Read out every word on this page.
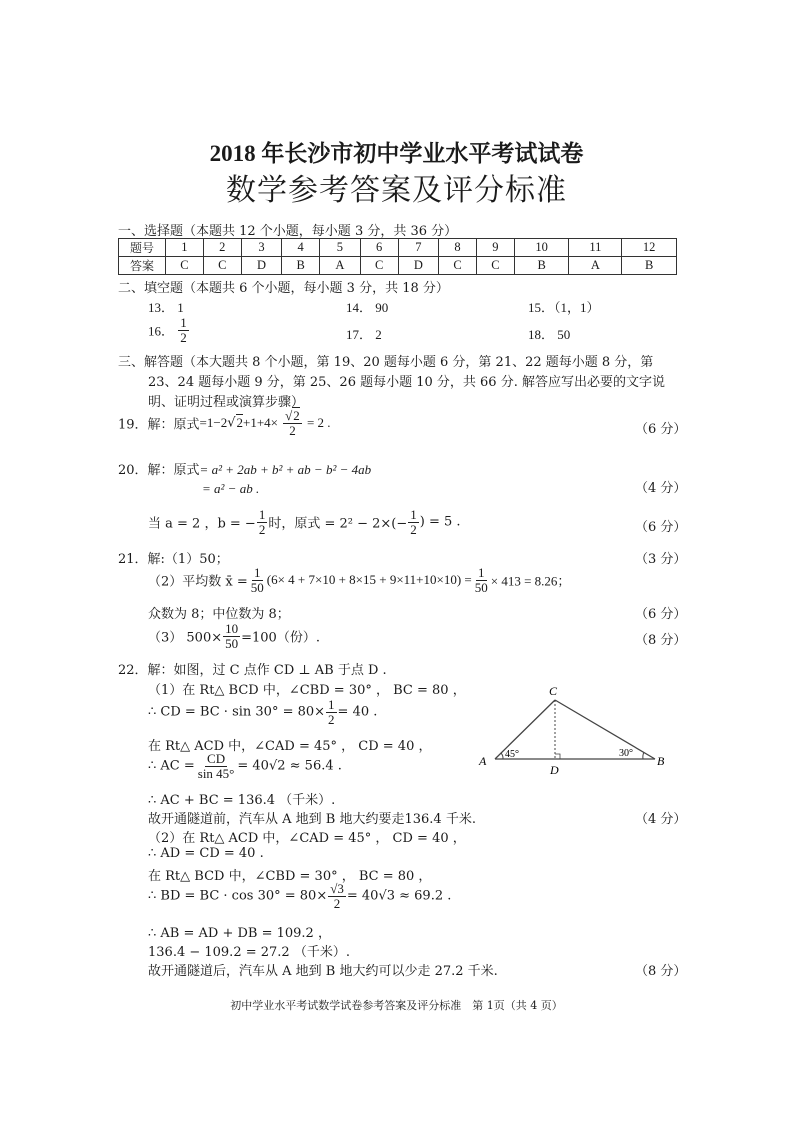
2018 年长沙市初中学业水平考试试卷
数学参考答案及评分标准
一、选择题（本题共 12 个小题，每小题 3 分，共 36 分）
题号	1	2	3	4	5	6	7	8	9	10	11	12
答案	C	C	D	B	A	C	D	C	C	B	A	B
二、填空题（本题共 6 个小题，每小题 3 分，共 18 分）
13． 1	14． 90	15．（1，1）
16． $\frac{1}{2}$	17． 2	18． 50
三、解答题（本大题共 8 个小题，第 19、20 题每小题 6 分，第 21、22 题每小题 8 分，第
23、24 题每小题 9 分，第 25、26 题每小题 10 分，共 66 分. 解答应写出必要的文字说
明、证明过程或演算步骤）
19．解：原式$=1-2√2+1+4\times \frac{√2}{2} = 2$ .	（6 分）
20．解：原式= a² + 2ab + b² + ab − b² − 4ab
= a² − ab .	（4 分）
当 a = 2 ，b = − $\frac{1}{2}$ 时，原式 = $2^2 - 2\times(- \frac{1}{2}$ ) = 5 .	（6 分）
21．解:（1）50；	（3 分）
（2）平均数 x̄ = $\frac{1}{50} (6\times 4 + 7\times 10 + 8\times 15 + 9\times 11+10\times 10) = \frac{1}{50} \times 413 = 8.26$；
众数为 8；中位数为 8；	（6 分）
（3） $500\times \frac{10}{50} =100$（份）.	（8 分）
22．解：如图，过 C 点作 CD ⊥ AB 于点 D .
（1）在 Rt△ BCD 中，∠CBD = 30° ， BC = 80 ，
∴ CD = BC · $\sin 30^\circ = 80\times \frac{1}{2} = 40$ .
在 Rt△ ACD 中，∠CAD = 45° ， CD = 40 ，
∴ AC = $\frac{CD}{\sin 45^\circ} = 40√2 \approx 56.4$ .
∴ AC + BC = 136.4 （千米）.
故开通隧道前，汽车从 A 地到 B 地大约要走136.4 千米.	（4 分）
（2）在 Rt△ ACD 中，∠CAD = 45° ， CD = 40 ，
∴ AD = CD = 40 .
在 Rt△ BCD 中，∠CBD = 30° ， BC = 80 ，
∴ BD = BC · $\cos 30^\circ = 80\times \frac{√3}{2} = 40√3 \approx 69.2$ .
∴ AB = AD + DB = 109.2 ，
136.4 − 109.2 = 27.2 （千米）.
故开通隧道后，汽车从 A 地到 B 地大约可以少走 27.2 千米.	（8 分）
A	B
C
D
45°	30°
初中学业水平考试数学试卷参考答案及评分标准　第 1页（共 4 页）
